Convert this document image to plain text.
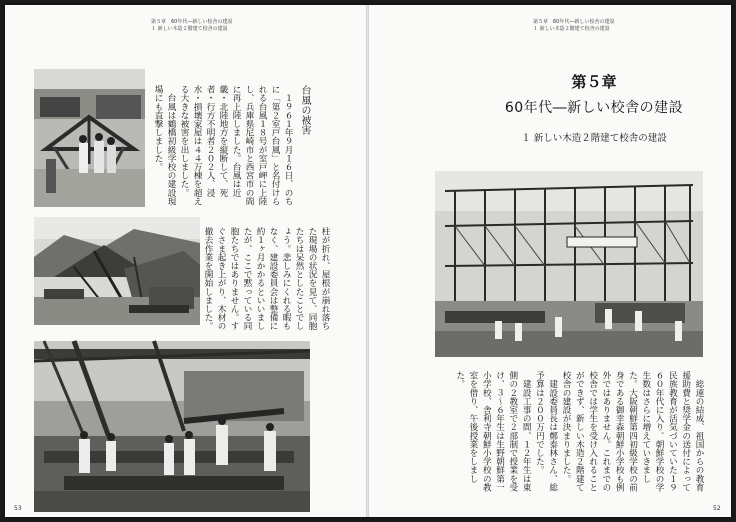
第５章　60年代―新しい校舎の建設
１ 新しい木造２階建て校舎の建設
台風の被害
　１９６１年９月１６日、のちに「第２室戸台風」と名付けられる台風１８号が室戸岬に上陸し、兵庫県尼崎市と西宮市の間に再上陸しました。台風は近畿・北陸地方を縦断して、死者・行方不明者２０２人、浸水・損壊家屋は４４万棟を超える大きな被害を出しました。
　台風は鶴橋初級学校の建設現場にも直撃しました。
柱が折れ、屋根が崩れ落ちた現場の状況を見て、同胞たちは呆然としたことでしょう。悲しみにくれる暇もなく、建設委員会は整備に約１ヶ月かかるといいましたが、ここで黙っている同胞たちではありません。すぐさま起き上がり、木材の撤去作業を開始しました。
53
第５章　60年代―新しい校舎の建設
１ 新しい木造２階建て校舎の建設
第５章
60年代―新しい校舎の建設
１ 新しい木造２階建て校舎の建設
　総連の結成、祖国からの教育援助費と奨学金の送付によって民族教育が活気づいていた１９６０年代に入り、朝鮮学校の学生数はさらに増えていきました。大阪朝鮮第四初級学校の前身である御幸森朝鮮小学校も例外ではありません。これまでの校舎では学生を受け入れることができず、新しい木造２階建て校舎の建設が決まりました。
　建設委員長は鄭泰林さん、総予算は２００万円でした。
　建設工事の間、１２年生は東側の２教室で２部制で授業を受け、３～６年生は生野朝鮮第一小学校、舎利寺朝鮮小学校の教室を借り、午後授業をしました。
52
